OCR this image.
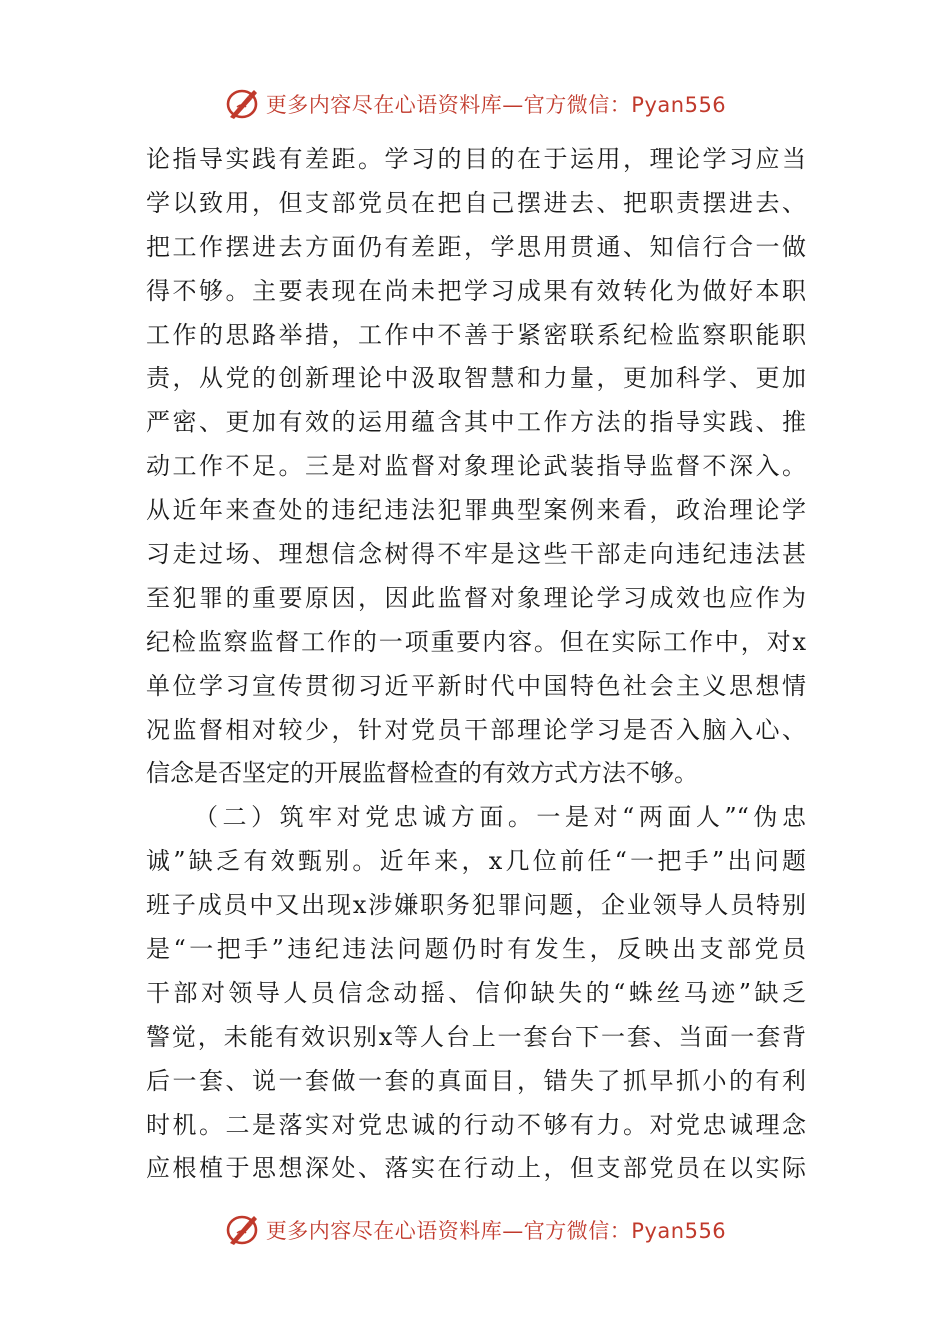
更多内容尽在心语资料库—官方微信：Pyan556
论指导实践有差距。学习的目的在于运用，理论学习应当
学以致用，但支部党员在把自己摆进去、把职责摆进去、
把工作摆进去方面仍有差距，学思用贯通、知信行合一做
得不够。主要表现在尚未把学习成果有效转化为做好本职
工作的思路举措，工作中不善于紧密联系纪检监察职能职
责，从党的创新理论中汲取智慧和力量，更加科学、更加
严密、更加有效的运用蕴含其中工作方法的指导实践、推
动工作不足。三是对监督对象理论武装指导监督不深入。
从近年来查处的违纪违法犯罪典型案例来看，政治理论学
习走过场、理想信念树得不牢是这些干部走向违纪违法甚
至犯罪的重要原因，因此监督对象理论学习成效也应作为
纪检监察监督工作的一项重要内容。但在实际工作中，对x
单位学习宣传贯彻习近平新时代中国特色社会主义思想情
况监督相对较少，针对党员干部理论学习是否入脑入心、
信念是否坚定的开展监督检查的有效方式方法不够。
（二）筑牢对党忠诚方面。一是对“两面人”“伪忠
诚”缺乏有效甄别。近年来，x几位前任“一把手”出问题
班子成员中又出现x涉嫌职务犯罪问题，企业领导人员特别
是“一把手”违纪违法问题仍时有发生，反映出支部党员
干部对领导人员信念动摇、信仰缺失的“蛛丝马迹”缺乏
警觉，未能有效识别x等人台上一套台下一套、当面一套背
后一套、说一套做一套的真面目，错失了抓早抓小的有利
时机。二是落实对党忠诚的行动不够有力。对党忠诚理念
应根植于思想深处、落实在行动上，但支部党员在以实际
更多内容尽在心语资料库—官方微信：Pyan556
